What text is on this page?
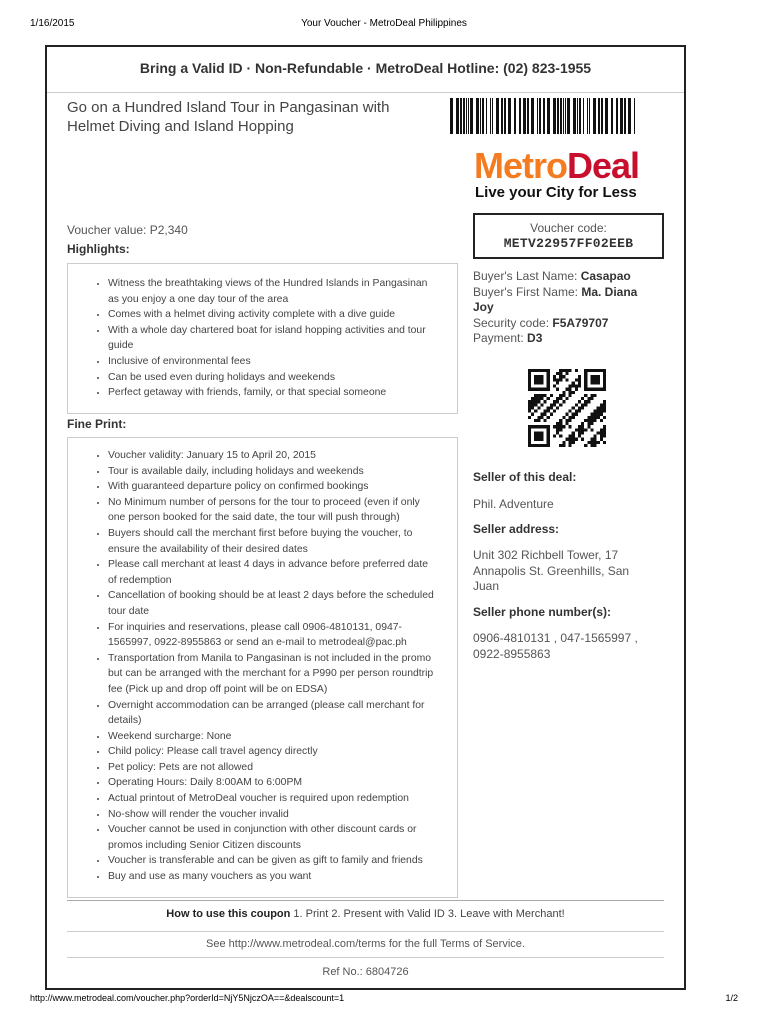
1/16/2015	Your Voucher - MetroDeal Philippines
Bring a Valid ID · Non-Refundable · MetroDeal Hotline: (02) 823-1955
Go on a Hundred Island Tour in Pangasinan with Helmet Diving and Island Hopping
MetroDeal
Live your City for Less
Voucher value: P2,340
Highlights:
• Witness the breathtaking views of the Hundred Islands in Pangasinan as you enjoy a one day tour of the area
• Comes with a helmet diving activity complete with a dive guide
• With a whole day chartered boat for island hopping activities and tour guide
• Inclusive of environmental fees
• Can be used even during holidays and weekends
• Perfect getaway with friends, family, or that special someone
Fine Print:
• Voucher validity: January 15 to April 20, 2015
• Tour is available daily, including holidays and weekends
• With guaranteed departure policy on confirmed bookings
• No Minimum number of persons for the tour to proceed (even if only one person booked for the said date, the tour will push through)
• Buyers should call the merchant first before buying the voucher, to ensure the availability of their desired dates
• Please call merchant at least 4 days in advance before preferred date of redemption
• Cancellation of booking should be at least 2 days before the scheduled tour date
• For inquiries and reservations, please call 0906-4810131, 0947-1565997, 0922-8955863 or send an e-mail to metrodeal@pac.ph
• Transportation from Manila to Pangasinan is not included in the promo but can be arranged with the merchant for a P990 per person roundtrip fee (Pick up and drop off point will be on EDSA)
• Overnight accommodation can be arranged (please call merchant for details)
• Weekend surcharge: None
• Child policy: Please call travel agency directly
• Pet policy: Pets are not allowed
• Operating Hours: Daily 8:00AM to 6:00PM
• Actual printout of MetroDeal voucher is required upon redemption
• No-show will render the voucher invalid
• Voucher cannot be used in conjunction with other discount cards or promos including Senior Citizen discounts
• Voucher is transferable and can be given as gift to family and friends
• Buy and use as many vouchers as you want
Voucher code:
METV22957FF02EEB
Buyer's Last Name: Casapao
Buyer's First Name: Ma. Diana Joy
Security code: F5A79707
Payment: D3
Seller of this deal:
Phil. Adventure
Seller address:
Unit 302 Richbell Tower, 17 Annapolis St. Greenhills, San Juan
Seller phone number(s):
0906-4810131 , 047-1565997 , 0922-8955863
How to use this coupon 1. Print 2. Present with Valid ID 3. Leave with Merchant!
See http://www.metrodeal.com/terms for the full Terms of Service.
Ref No.: 6804726
http://www.metrodeal.com/voucher.php?orderId=NjY5NjczOA==&dealscount=1	1/2
